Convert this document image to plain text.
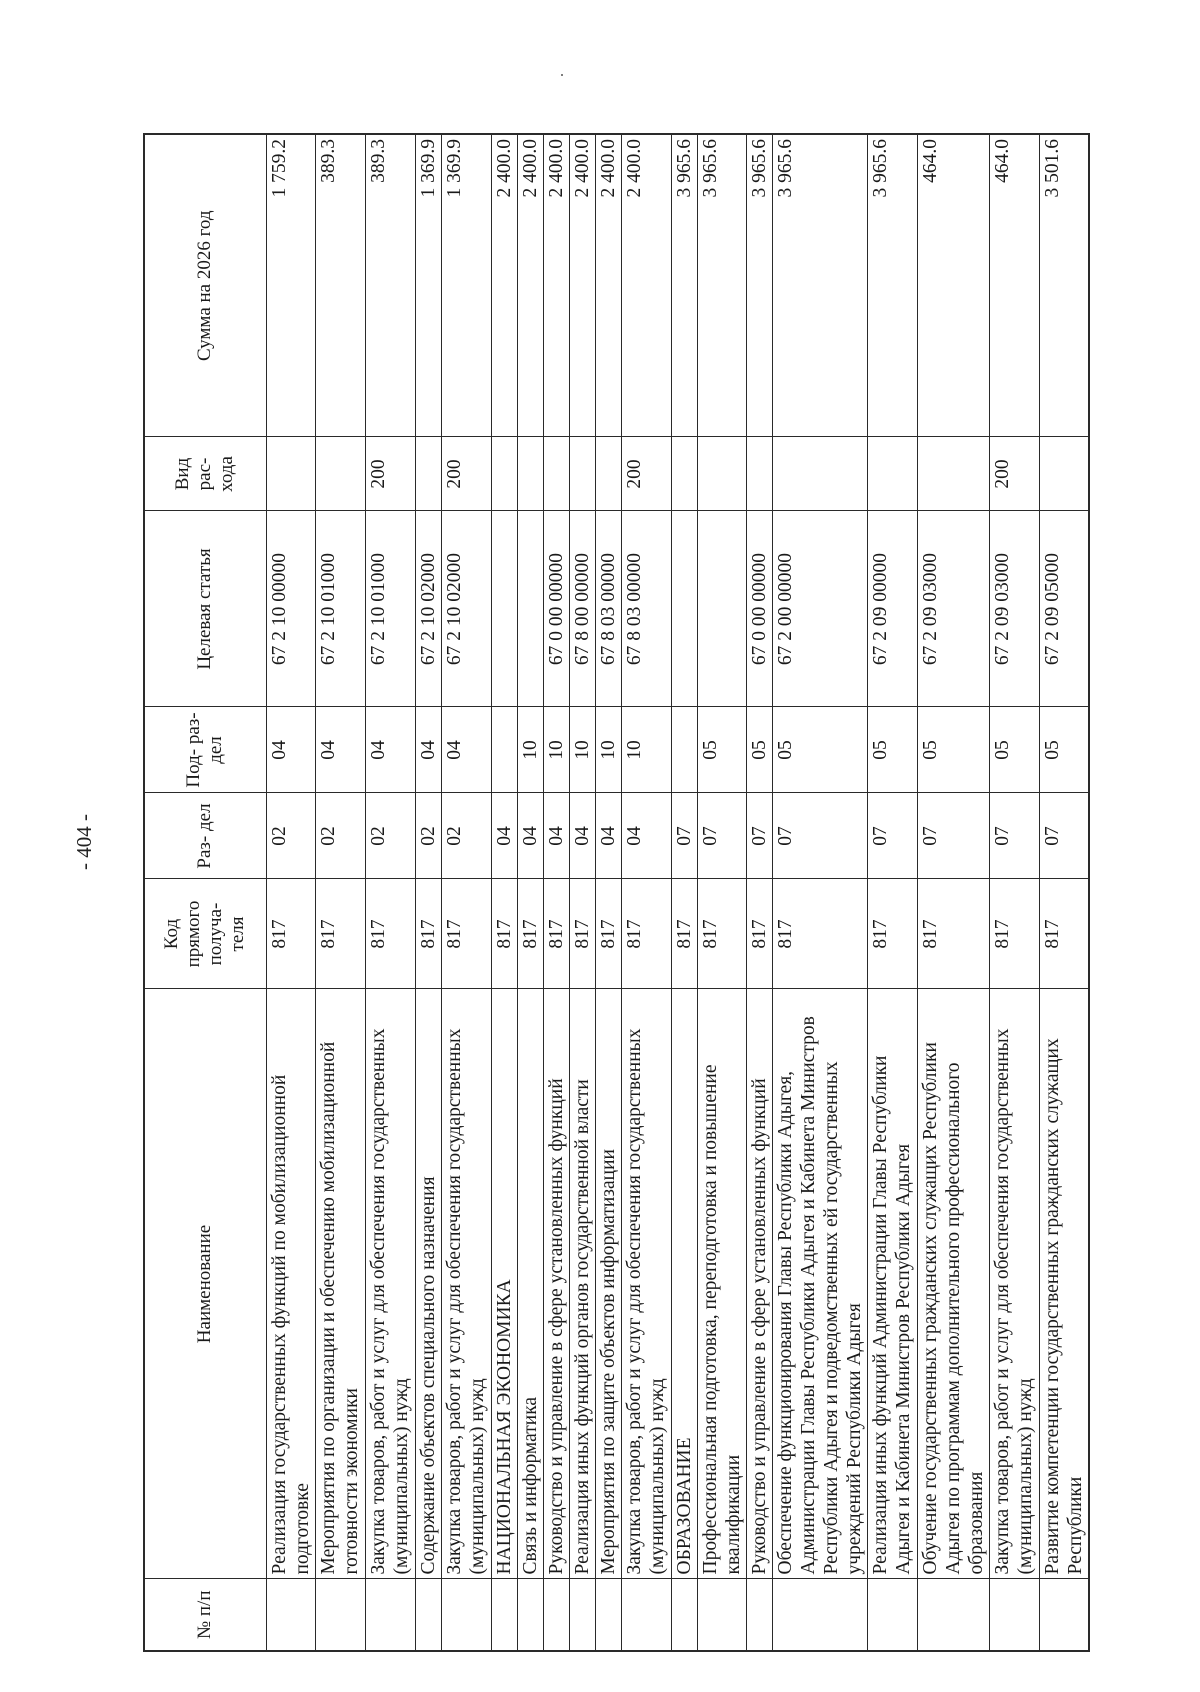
- 404 -
№ п/п	Наименование	Код прямого получа- теля	Раз- дел	Под- раз- дел	Целевая статья	Вид рас- хода	Сумма на 2026 год
	Реализация государственных функций по мобилизационной подготовке	817	02	04	67 2 10 00000		1 759.2
	Мероприятия по организации и обеспечению мобилизационной готовности экономики	817	02	04	67 2 10 01000		389.3
	Закупка товаров, работ и услуг для обеспечения государственных (муниципальных) нужд	817	02	04	67 2 10 01000	200	389.3
	Содержание объектов специального назначения	817	02	04	67 2 10 02000		1 369.9
	Закупка товаров, работ и услуг для обеспечения государственных (муниципальных) нужд	817	02	04	67 2 10 02000	200	1 369.9
	НАЦИОНАЛЬНАЯ ЭКОНОМИКА	817	04				2 400.0
	Связь и информатика	817	04	10			2 400.0
	Руководство и управление в сфере установленных функций	817	04	10	67 0 00 00000		2 400.0
	Реализация иных функций органов государственной власти	817	04	10	67 8 00 00000		2 400.0
	Мероприятия по защите объектов информатизации	817	04	10	67 8 03 00000		2 400.0
	Закупка товаров, работ и услуг для обеспечения государственных (муниципальных) нужд	817	04	10	67 8 03 00000	200	2 400.0
	ОБРАЗОВАНИЕ	817	07				3 965.6
	Профессиональная подготовка, переподготовка и повышение квалификации	817	07	05			3 965.6
	Руководство и управление в сфере установленных функций	817	07	05	67 0 00 00000		3 965.6
	Обеспечение функционирования Главы Республики Адыгея, Администрации Главы Республики Адыгея и Кабинета Министров Республики Адыгея и подведомственных ей государственных учреждений Республики Адыгея	817	07	05	67 2 00 00000		3 965.6
	Реализация иных функций Администрации Главы Республики Адыгея и Кабинета Министров Республики Адыгея	817	07	05	67 2 09 00000		3 965.6
	Обучение государственных гражданских служащих Республики Адыгея по программам дополнительного профессионального образования	817	07	05	67 2 09 03000		464.0
	Закупка товаров, работ и услуг для обеспечения государственных (муниципальных) нужд	817	07	05	67 2 09 03000	200	464.0
	Развитие компетенции государственных гражданских служащих Республики	817	07	05	67 2 09 05000		3 501.6
